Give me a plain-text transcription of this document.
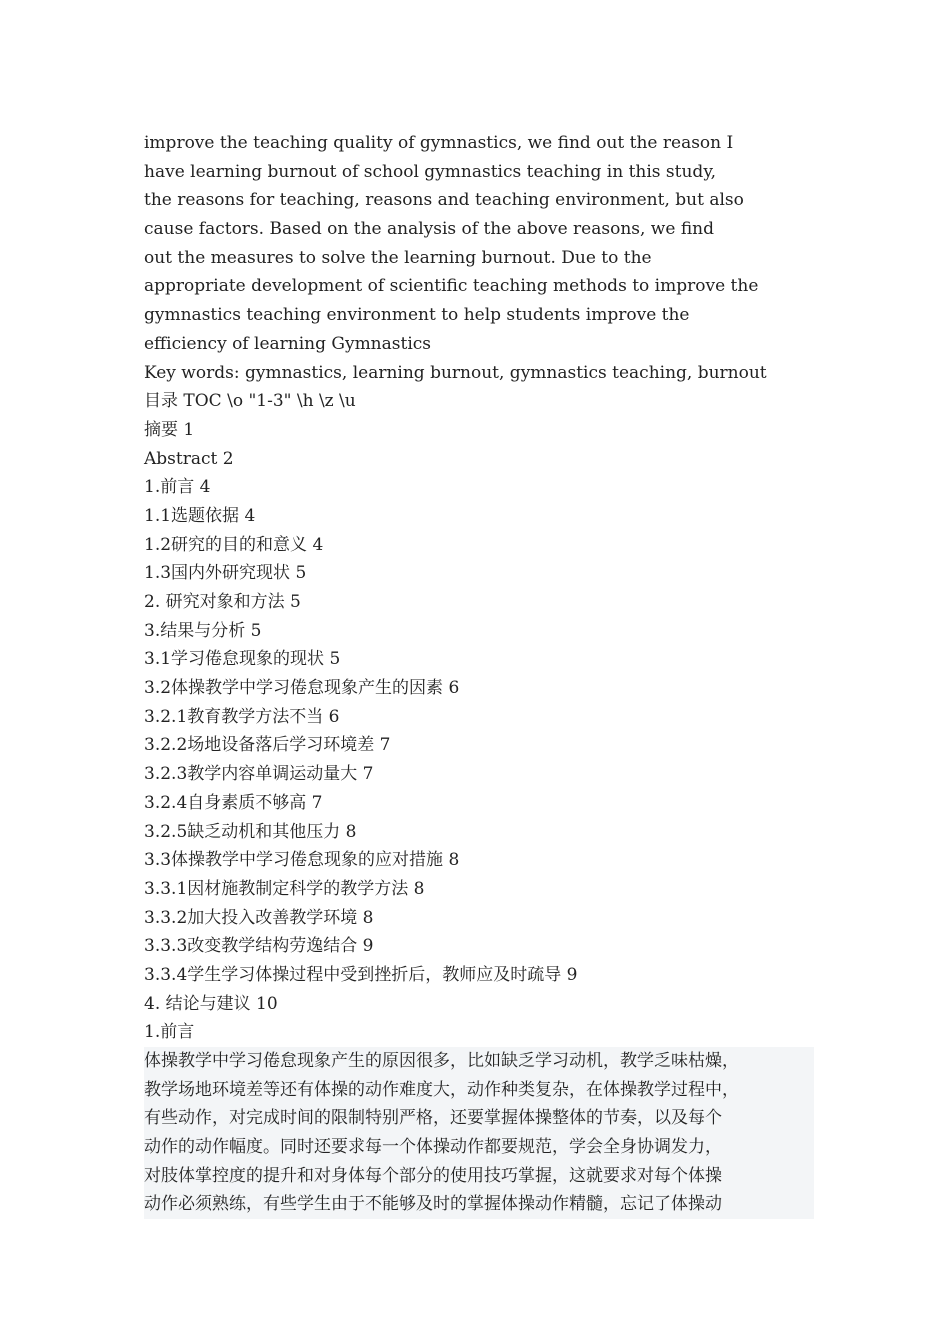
improve the teaching quality of gymnastics, we find out the reason I
have learning burnout of school gymnastics teaching in this study,
the reasons for teaching, reasons and teaching environment, but also
cause factors. Based on the analysis of the above reasons, we find
out the measures to solve the learning burnout. Due to the
appropriate development of scientific teaching methods to improve the
gymnastics teaching environment to help students improve the
efficiency of learning Gymnastics
Key words: gymnastics, learning burnout, gymnastics teaching, burnout
目录 TOC \o "1-3" \h \z \u
摘要 1
Abstract 2
1.前言 4
1.1选题依据 4
1.2研究的目的和意义 4
1.3国内外研究现状 5
2. 研究对象和方法 5
3.结果与分析 5
3.1学习倦怠现象的现状 5
3.2体操教学中学习倦怠现象产生的因素 6
3.2.1教育教学方法不当 6
3.2.2场地设备落后学习环境差 7
3.2.3教学内容单调运动量大 7
3.2.4自身素质不够高 7
3.2.5缺乏动机和其他压力 8
3.3体操教学中学习倦怠现象的应对措施 8
3.3.1因材施教制定科学的教学方法 8
3.3.2加大投入改善教学环境 8
3.3.3改变教学结构劳逸结合 9
3.3.4学生学习体操过程中受到挫折后，教师应及时疏导 9
4. 结论与建议 10
1.前言
体操教学中学习倦怠现象产生的原因很多，比如缺乏学习动机，教学乏味枯燥，
教学场地环境差等还有体操的动作难度大，动作种类复杂，在体操教学过程中，
有些动作，对完成时间的限制特别严格，还要掌握体操整体的节奏，以及每个
动作的动作幅度。同时还要求每一个体操动作都要规范，学会全身协调发力，
对肢体掌控度的提升和对身体每个部分的使用技巧掌握，这就要求对每个体操
动作必须熟练，有些学生由于不能够及时的掌握体操动作精髓，忘记了体操动
